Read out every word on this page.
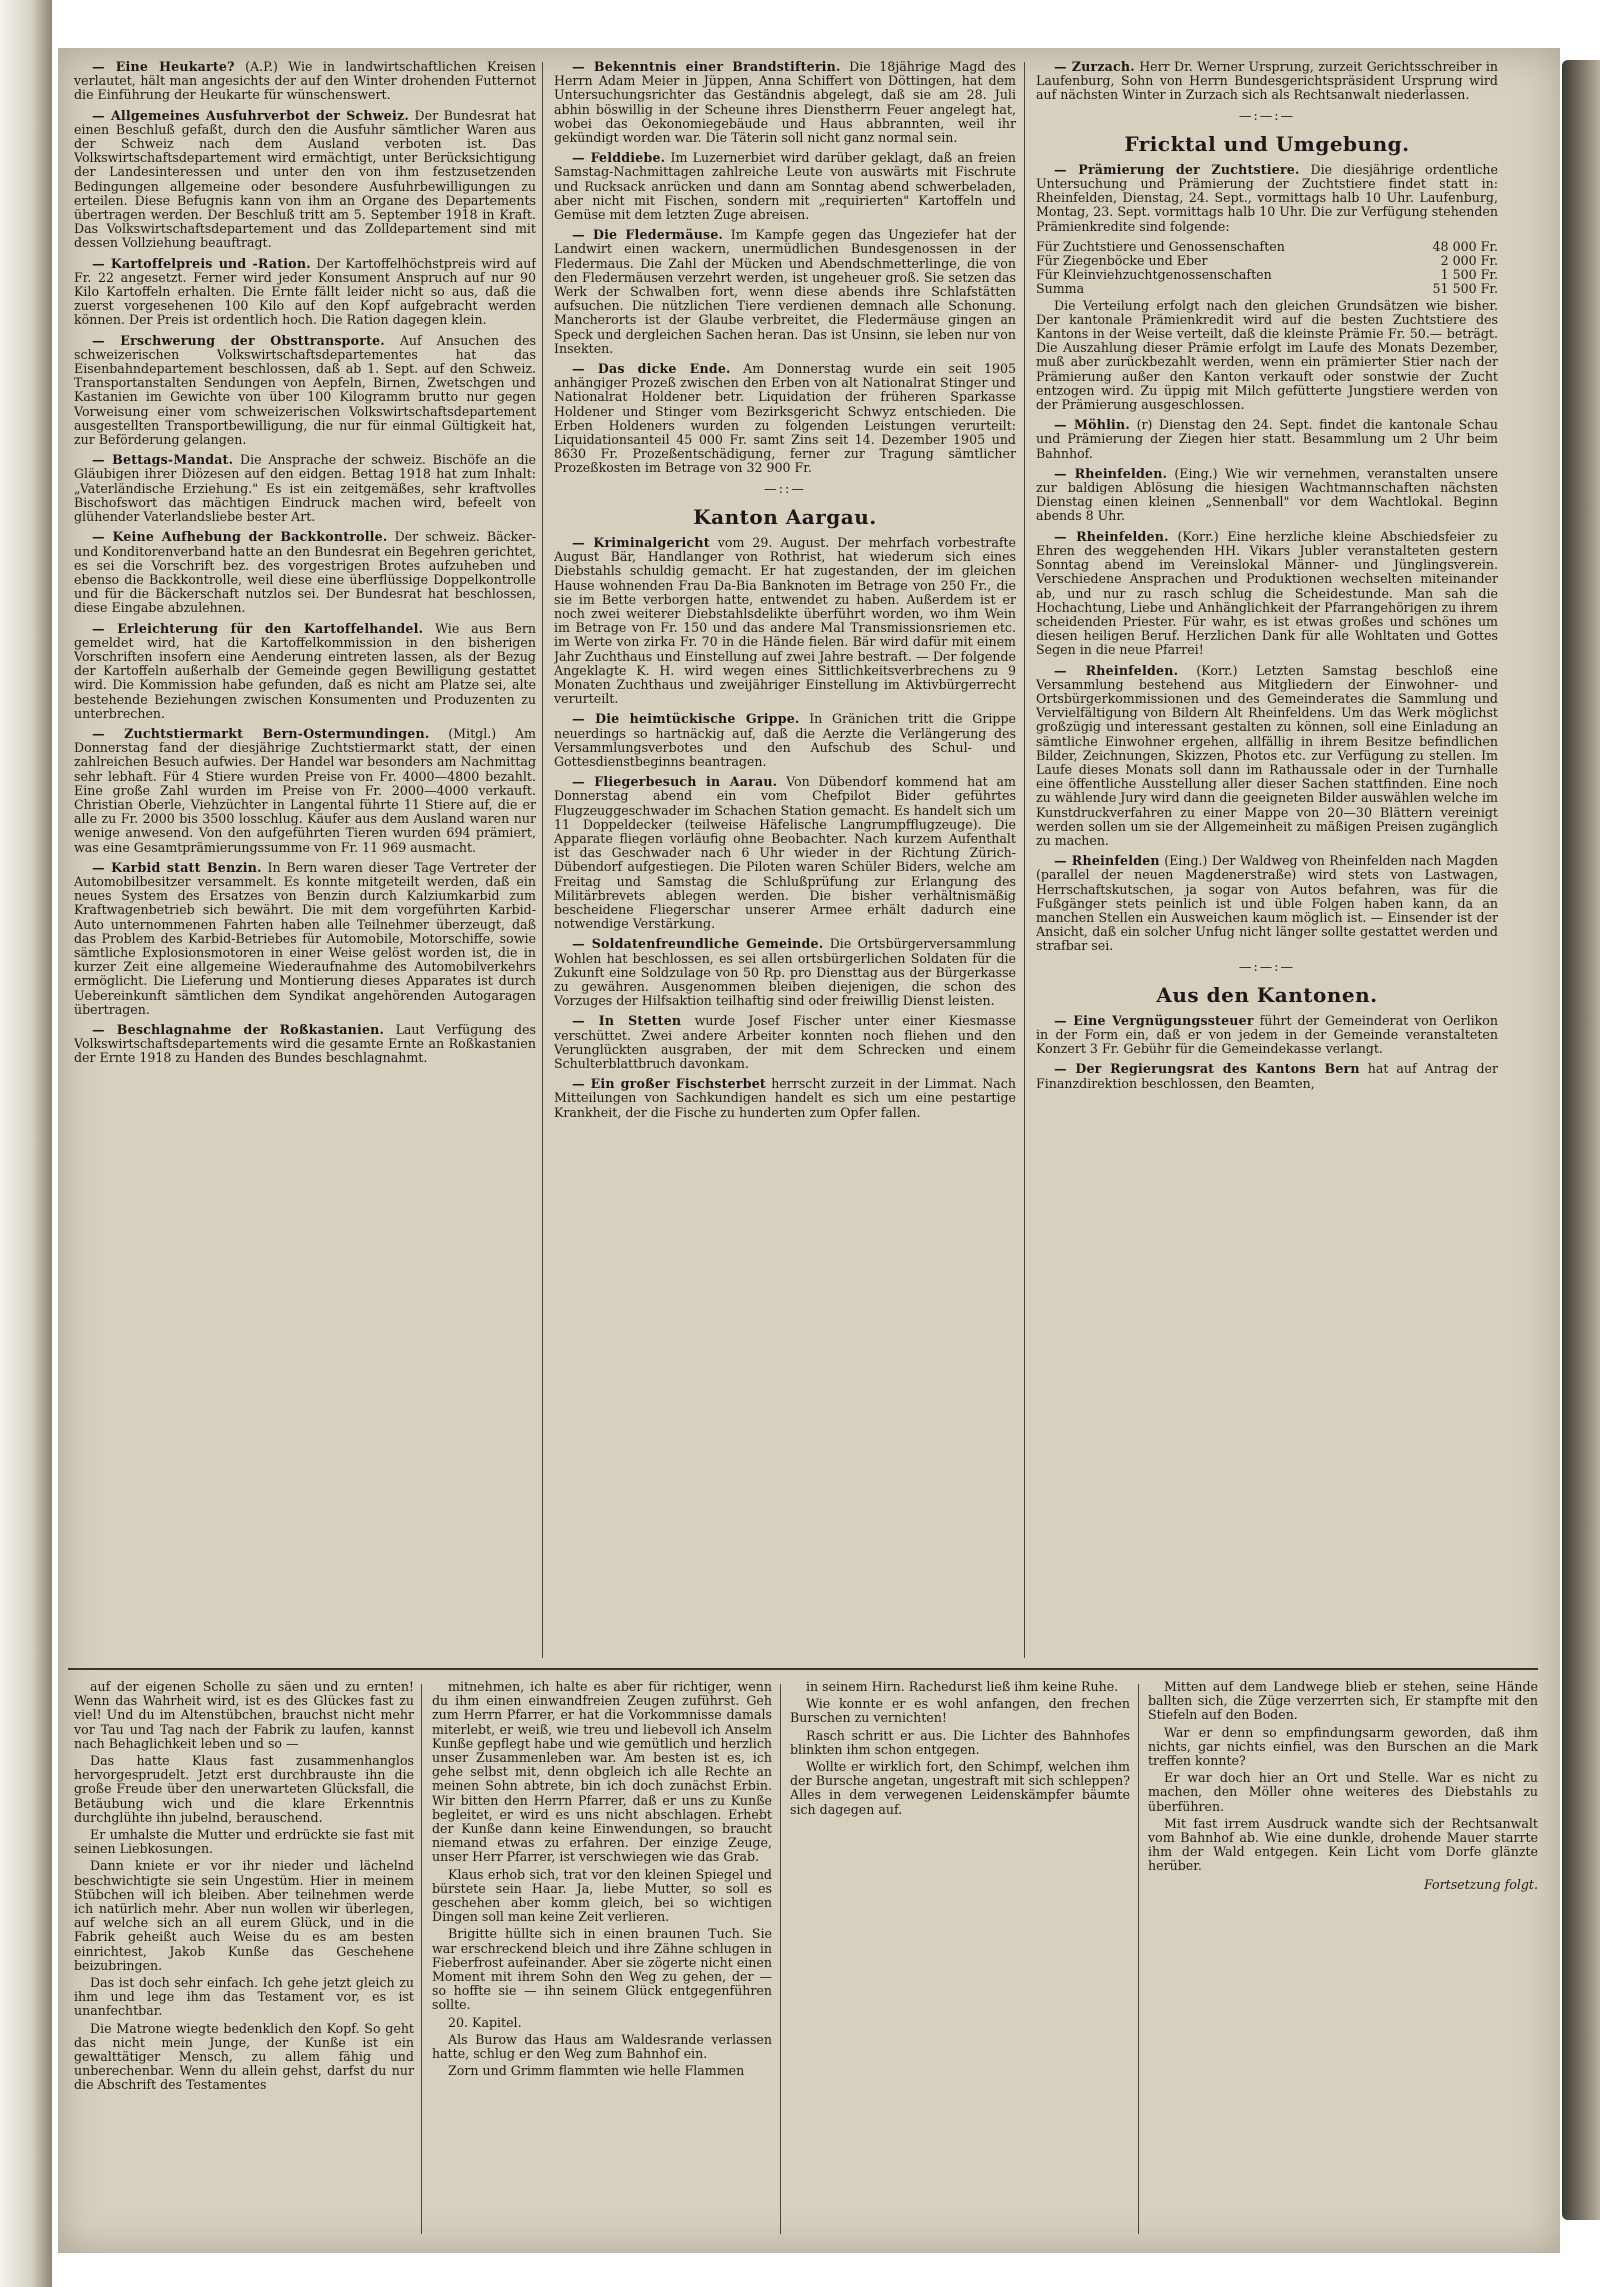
— Eine Heukarte? (A.P.) Wie in landwirtschaftlichen Kreisen verlautet, hält man angesichts der auf den Winter drohenden Futternot die Einführung der Heukarte für wünschenswert.

— Allgemeines Ausfuhrverbot der Schweiz. Der Bundesrat hat einen Beschluß gefaßt, durch den die Ausfuhr sämtlicher Waren aus der Schweiz nach dem Ausland verboten ist. Das Volkswirtschaftsdepartement wird ermächtigt, unter Berücksichtigung der Landesinteressen und unter den von ihm festzusetzenden Bedingungen allgemeine oder besondere Ausfuhrbewilligungen zu erteilen. Diese Befugnis kann von ihm an Organe des Departements übertragen werden. Der Beschluß tritt am 5. September 1918 in Kraft. Das Volkswirtschaftsdepartement und das Zolldepartement sind mit dessen Vollziehung beauftragt.

— Kartoffelpreis und -Ration. Der Kartoffelhöchstpreis wird auf Fr. 22 angesetzt. Ferner wird jeder Konsument Anspruch auf nur 90 Kilo Kartoffeln erhalten. Die Ernte fällt leider nicht so aus, daß die zuerst vorgesehenen 100 Kilo auf den Kopf aufgebracht werden können. Der Preis ist ordentlich hoch. Die Ration dagegen klein.

— Erschwerung der Obsttransporte. Auf Ansuchen des schweizerischen Volkswirtschaftsdepartementes hat das Eisenbahndepartement beschlossen, daß ab 1. Sept. auf den Schweiz. Transportanstalten Sendungen von Aepfeln, Birnen, Zwetschgen und Kastanien im Gewichte von über 100 Kilogramm brutto nur gegen Vorweisung einer vom schweizerischen Volkswirtschaftsdepartement ausgestellten Transportbewilligung, die nur für einmal Gültigkeit hat, zur Beförderung gelangen.

— Bettags-Mandat. Die Ansprache der schweiz. Bischöfe an die Gläubigen ihrer Diözesen auf den eidgen. Bettag 1918 hat zum Inhalt: „Vaterländische Erziehung." Es ist ein zeitgemäßes, sehr kraftvolles Bischofswort das mächtigen Eindruck machen wird, befeelt von glühender Vaterlandsliebe bester Art.

— Keine Aufhebung der Backkontrolle. Der schweiz. Bäcker- und Konditorenverband hatte an den Bundesrat ein Begehren gerichtet, es sei die Vorschrift bez. des vorgestrigen Brotes aufzuheben und ebenso die Backkontrolle, weil diese eine überflüssige Doppelkontrolle und für die Bäckerschaft nutzlos sei. Der Bundesrat hat beschlossen, diese Eingabe abzulehnen.

— Erleichterung für den Kartoffelhandel. Wie aus Bern gemeldet wird, hat die Kartoffelkommission in den bisherigen Vorschriften insofern eine Aenderung eintreten lassen, als der Bezug der Kartoffeln außerhalb der Gemeinde gegen Bewilligung gestattet wird. Die Kommission habe gefunden, daß es nicht am Platze sei, alte bestehende Beziehungen zwischen Konsumenten und Produzenten zu unterbrechen.

— Zuchtstiermarkt Bern-Ostermundingen. (Mitgl.) Am Donnerstag fand der diesjährige Zuchtstiermarkt statt, der einen zahlreichen Besuch aufwies. Der Handel war besonders am Nachmittag sehr lebhaft. Für 4 Stiere wurden Preise von Fr. 4000—4800 bezahlt. Eine große Zahl wurden im Preise von Fr. 2000—4000 verkauft. Christian Oberle, Viehzüchter in Langental führte 11 Stiere auf, die er alle zu Fr. 2000 bis 3500 losschlug. Käufer aus dem Ausland waren nur wenige anwesend. Von den aufgeführten Tieren wurden 694 prämiert, was eine Gesamtprämierungssumme von Fr. 11 969 ausmacht.

— Karbid statt Benzin. In Bern waren dieser Tage Vertreter der Automobilbesitzer versammelt. Es konnte mitgeteilt werden, daß ein neues System des Ersatzes von Benzin durch Kalziumkarbid zum Kraftwagenbetrieb sich bewährt. Die mit dem vorgeführten Karbid-Auto unternommenen Fahrten haben alle Teilnehmer überzeugt, daß das Problem des Karbid-Betriebes für Automobile, Motorschiffe, sowie sämtliche Explosionsmotoren in einer Weise gelöst worden ist, die in kurzer Zeit eine allgemeine Wiederaufnahme des Automobilverkehrs ermöglicht. Die Lieferung und Montierung dieses Apparates ist durch Uebereinkunft sämtlichen dem Syndikat angehörenden Autogaragen übertragen.

— Beschlagnahme der Roßkastanien. Laut Verfügung des Volkswirtschaftsdepartements wird die gesamte Ernte an Roßkastanien der Ernte 1918 zu Handen des Bundes beschlagnahmt.

— Bekenntnis einer Brandstifterin. Die 18jährige Magd des Herrn Adam Meier in Jüppen, Anna Schiffert von Döttingen, hat dem Untersuchungsrichter das Geständnis abgelegt, daß sie am 28. Juli abhin böswillig in der Scheune ihres Dienstherrn Feuer angelegt hat, wobei das Oekonomiegebäude und Haus abbrannten, weil ihr gekündigt worden war. Die Täterin soll nicht ganz normal sein.

— Felddiebe. Im Luzernerbiet wird darüber geklagt, daß an freien Samstag-Nachmittagen zahlreiche Leute von auswärts mit Fischrute und Rucksack anrücken und dann am Sonntag abend schwerbeladen, aber nicht mit Fischen, sondern mit „requirierten" Kartoffeln und Gemüse mit dem letzten Zuge abreisen.

— Die Fledermäuse. Im Kampfe gegen das Ungeziefer hat der Landwirt einen wackern, unermüdlichen Bundesgenossen in der Fledermaus. Die Zahl der Mücken und Abendschmetterlinge, die von den Fledermäusen verzehrt werden, ist ungeheuer groß. Sie setzen das Werk der Schwalben fort, wenn diese abends ihre Schlafstätten aufsuchen. Die nützlichen Tiere verdienen demnach alle Schonung. Mancherorts ist der Glaube verbreitet, die Fledermäuse gingen an Speck und dergleichen Sachen heran. Das ist Unsinn, sie leben nur von Insekten.

— Das dicke Ende. Am Donnerstag wurde ein seit 1905 anhängiger Prozeß zwischen den Erben von alt Nationalrat Stinger und Nationalrat Holdener betr. Liquidation der früheren Sparkasse Holdener und Stinger vom Bezirksgericht Schwyz entschieden. Die Erben Holdeners wurden zu folgenden Leistungen verurteilt: Liquidationsanteil 45 000 Fr. samt Zins seit 14. Dezember 1905 und 8630 Fr. Prozeßentschädigung, ferner zur Tragung sämtlicher Prozeßkosten im Betrage von 32 900 Fr.

—::—
Kanton Aargau.

— Kriminalgericht vom 29. August. Der mehrfach vorbestrafte August Bär, Handlanger von Rothrist, hat wiederum sich eines Diebstahls schuldig gemacht. Er hat zugestanden, der im gleichen Hause wohnenden Frau Da-Bia Banknoten im Betrage von 250 Fr., die sie im Bette verborgen hatte, entwendet zu haben. Außerdem ist er noch zwei weiterer Diebstahlsdelikte überführt worden, wo ihm Wein im Betrage von Fr. 150 und das andere Mal Transmissionsriemen etc. im Werte von zirka Fr. 70 in die Hände fielen. Bär wird dafür mit einem Jahr Zuchthaus und Einstellung auf zwei Jahre bestraft. — Der folgende Angeklagte K. H. wird wegen eines Sittlichkeitsverbrechens zu 9 Monaten Zuchthaus und zweijähriger Einstellung im Aktivbürgerrecht verurteilt.

— Die heimtückische Grippe. In Gränichen tritt die Grippe neuerdings so hartnäckig auf, daß die Aerzte die Verlängerung des Versammlungsverbotes und den Aufschub des Schul- und Gottesdienstbeginns beantragen.

— Fliegerbesuch in Aarau. Von Dübendorf kommend hat am Donnerstag abend ein vom Chefpilot Bider geführtes Flugzeuggeschwader im Schachen Station gemacht. Es handelt sich um 11 Doppeldecker (teilweise Häfelische Langrumpfflugzeuge). Die Apparate fliegen vorläufig ohne Beobachter. Nach kurzem Aufenthalt ist das Geschwader nach 6 Uhr wieder in der Richtung Zürich-Dübendorf aufgestiegen. Die Piloten waren Schüler Biders, welche am Freitag und Samstag die Schlußprüfung zur Erlangung des Militärbrevets ablegen werden. Die bisher verhältnismäßig bescheidene Fliegerschar unserer Armee erhält dadurch eine notwendige Verstärkung.

— Soldatenfreundliche Gemeinde. Die Ortsbürgerversammlung Wohlen hat beschlossen, es sei allen ortsbürgerlichen Soldaten für die Zukunft eine Soldzulage von 50 Rp. pro Diensttag aus der Bürgerkasse zu gewähren. Ausgenommen bleiben diejenigen, die schon des Vorzuges der Hilfsaktion teilhaftig sind oder freiwillig Dienst leisten.

— In Stetten wurde Josef Fischer unter einer Kiesmasse verschüttet. Zwei andere Arbeiter konnten noch fliehen und den Verunglückten ausgraben, der mit dem Schrecken und einem Schulterblattbruch davonkam.

— Ein großer Fischsterbet herrscht zurzeit in der Limmat. Nach Mitteilungen von Sachkundigen handelt es sich um eine pestartige Krankheit, der die Fische zu hunderten zum Opfer fallen.

— Zurzach. Herr Dr. Werner Ursprung, zurzeit Gerichtsschreiber in Laufenburg, Sohn von Herrn Bundesgerichtspräsident Ursprung wird auf nächsten Winter in Zurzach sich als Rechtsanwalt niederlassen.

—:—:—
Fricktal und Umgebung.

— Prämierung der Zuchtstiere. Die diesjährige ordentliche Untersuchung und Prämierung der Zuchtstiere findet statt in: Rheinfelden, Dienstag, 24. Sept., vormittags halb 10 Uhr. Laufenburg, Montag, 23. Sept. vormittags halb 10 Uhr. Die zur Verfügung stehenden Prämienkredite sind folgende:

Für Zuchtstiere und Genossenschaften	48 000 Fr.
Für Ziegenböcke und Eber	2 000 Fr.
Für Kleinviehzuchtgenossenschaften	1 500 Fr.
Summa	51 500 Fr.

Die Verteilung erfolgt nach den gleichen Grundsätzen wie bisher. Der kantonale Prämienkredit wird auf die besten Zuchtstiere des Kantons in der Weise verteilt, daß die kleinste Prämie Fr. 50.— beträgt. Die Auszahlung dieser Prämie erfolgt im Laufe des Monats Dezember, muß aber zurückbezahlt werden, wenn ein prämierter Stier nach der Prämierung außer den Kanton verkauft oder sonstwie der Zucht entzogen wird. Zu üppig mit Milch gefütterte Jungstiere werden von der Prämierung ausgeschlossen.

— Möhlin. (r) Dienstag den 24. Sept. findet die kantonale Schau und Prämierung der Ziegen hier statt. Besammlung um 2 Uhr beim Bahnhof.

— Rheinfelden. (Eing.) Wie wir vernehmen, veranstalten unsere zur baldigen Ablösung die hiesigen Wachtmannschaften nächsten Dienstag einen kleinen „Sennenball" vor dem Wachtlokal. Beginn abends 8 Uhr.

— Rheinfelden. (Korr.) Eine herzliche kleine Abschiedsfeier zu Ehren des weggehenden HH. Vikars Jubler veranstalteten gestern Sonntag abend im Vereinslokal Männer- und Jünglingsverein. Verschiedene Ansprachen und Produktionen wechselten miteinander ab, und nur zu rasch schlug die Scheidestunde. Man sah die Hochachtung, Liebe und Anhänglichkeit der Pfarrangehörigen zu ihrem scheidenden Priester. Für wahr, es ist etwas großes und schönes um diesen heiligen Beruf. Herzlichen Dank für alle Wohltaten und Gottes Segen in die neue Pfarrei!

— Rheinfelden. (Korr.) Letzten Samstag beschloß eine Versammlung bestehend aus Mitgliedern der Einwohner- und Ortsbürgerkommissionen und des Gemeinderates die Sammlung und Vervielfältigung von Bildern Alt Rheinfeldens. Um das Werk möglichst großzügig und interessant gestalten zu können, soll eine Einladung an sämtliche Einwohner ergehen, allfällig in ihrem Besitze befindlichen Bilder, Zeichnungen, Skizzen, Photos etc. zur Verfügung zu stellen. Im Laufe dieses Monats soll dann im Rathaussale oder in der Turnhalle eine öffentliche Ausstellung aller dieser Sachen stattfinden. Eine noch zu wählende Jury wird dann die geeigneten Bilder auswählen welche im Kunstdruckverfahren zu einer Mappe von 20—30 Blättern vereinigt werden sollen um sie der Allgemeinheit zu mäßigen Preisen zugänglich zu machen.

— Rheinfelden (Eing.) Der Waldweg von Rheinfelden nach Magden (parallel der neuen Magdenerstraße) wird stets von Lastwagen, Herrschaftskutschen, ja sogar von Autos befahren, was für die Fußgänger stets peinlich ist und üble Folgen haben kann, da an manchen Stellen ein Ausweichen kaum möglich ist. — Einsender ist der Ansicht, daß ein solcher Unfug nicht länger sollte gestattet werden und strafbar sei.

—:—:—
Aus den Kantonen.

— Eine Vergnügungssteuer führt der Gemeinderat von Oerlikon in der Form ein, daß er von jedem in der Gemeinde veranstalteten Konzert 3 Fr. Gebühr für die Gemeindekasse verlangt.

— Der Regierungsrat des Kantons Bern hat auf Antrag der Finanzdirektion beschlossen, den Beamten,

auf der eigenen Scholle zu säen und zu ernten! Wenn das Wahrheit wird, ist es des Glückes fast zu viel! Und du im Altenstübchen, brauchst nicht mehr vor Tau und Tag nach der Fabrik zu laufen, kannst nach Behaglichkeit leben und so —

Das hatte Klaus fast zusammenhanglos hervorgesprudelt. Jetzt erst durchbrauste ihn die große Freude über den unerwarteten Glücksfall, die Betäubung wich und die klare Erkenntnis durchglühte ihn jubelnd, berauschend.

Er umhalste die Mutter und erdrückte sie fast mit seinen Liebkosungen.

Dann kniete er vor ihr nieder und lächelnd beschwichtigte sie sein Ungestüm. Hier in meinem Stübchen will ich bleiben. Aber teilnehmen werde ich natürlich mehr. Aber nun wollen wir überlegen, auf welche sich an all eurem Glück, und in die Fabrik geheißt auch Weise du es am besten einrichtest, Jakob Kunße das Geschehene beizubringen.

Das ist doch sehr einfach. Ich gehe jetzt gleich zu ihm und lege ihm das Testament vor, es ist unanfechtbar.

Die Matrone wiegte bedenklich den Kopf. So geht das nicht mein Junge, der Kunße ist ein gewalttätiger Mensch, zu allem fähig und unberechenbar. Wenn du allein gehst, darfst du nur die Abschrift des Testamentes

mitnehmen, ich halte es aber für richtiger, wenn du ihm einen einwandfreien Zeugen zuführst. Geh zum Herrn Pfarrer, er hat die Vorkommnisse damals miterlebt, er weiß, wie treu und liebevoll ich Anselm Kunße gepflegt habe und wie gemütlich und herzlich unser Zusammenleben war. Am besten ist es, ich gehe selbst mit, denn obgleich ich alle Rechte an meinen Sohn abtrete, bin ich doch zunächst Erbin. Wir bitten den Herrn Pfarrer, daß er uns zu Kunße begleitet, er wird es uns nicht abschlagen. Erhebt der Kunße dann keine Einwendungen, so braucht niemand etwas zu erfahren. Der einzige Zeuge, unser Herr Pfarrer, ist verschwiegen wie das Grab.

Klaus erhob sich, trat vor den kleinen Spiegel und bürstete sein Haar. Ja, liebe Mutter, so soll es geschehen aber komm gleich, bei so wichtigen Dingen soll man keine Zeit verlieren.

Brigitte hüllte sich in einen braunen Tuch. Sie war erschreckend bleich und ihre Zähne schlugen in Fieberfrost aufeinander. Aber sie zögerte nicht einen Moment mit ihrem Sohn den Weg zu gehen, der — so hoffte sie — ihn seinem Glück entgegenführen sollte.

20. Kapitel.

Als Burow das Haus am Waldesrande verlassen hatte, schlug er den Weg zum Bahnhof ein.

Zorn und Grimm flammten wie helle Flammen

in seinem Hirn. Rachedurst ließ ihm keine Ruhe.

Wie konnte er es wohl anfangen, den frechen Burschen zu vernichten!

Rasch schritt er aus. Die Lichter des Bahnhofes blinkten ihm schon entgegen.

Wollte er wirklich fort, den Schimpf, welchen ihm der Bursche angetan, ungestraft mit sich schleppen? Alles in dem verwegenen Leidenskämpfer bäumte sich dagegen auf.

Mitten auf dem Landwege blieb er stehen, seine Hände ballten sich, die Züge verzerrten sich, Er stampfte mit den Stiefeln auf den Boden.

War er denn so empfindungsarm geworden, daß ihm nichts, gar nichts einfiel, was den Burschen an die Mark treffen konnte?

Er war doch hier an Ort und Stelle. War es nicht zu machen, den Möller ohne weiteres des Diebstahls zu überführen.

Mit fast irrem Ausdruck wandte sich der Rechtsanwalt vom Bahnhof ab. Wie eine dunkle, drohende Mauer starrte ihm der Wald entgegen. Kein Licht vom Dorfe glänzte herüber.

Fortsetzung folgt.
